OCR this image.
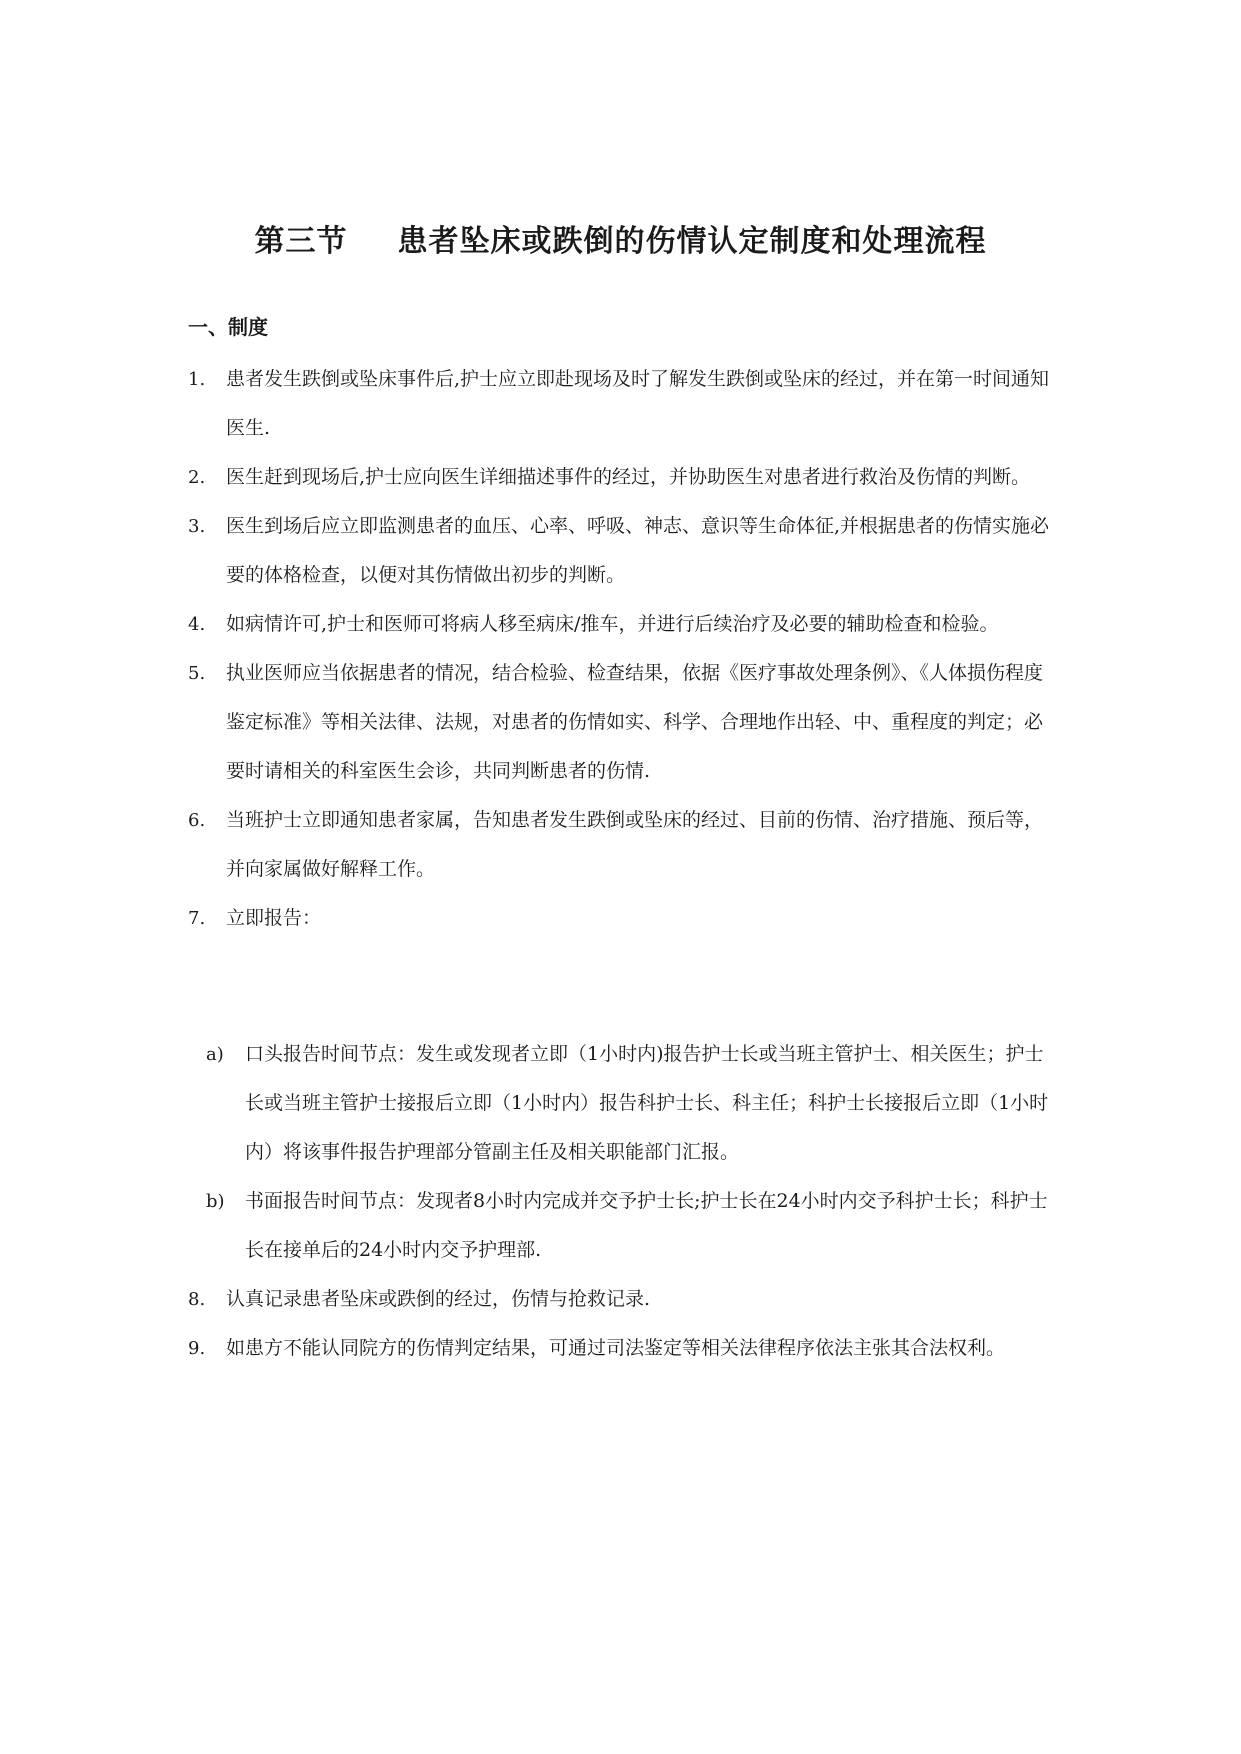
第三节 患者坠床或跌倒的伤情认定制度和处理流程
一、制度
1. 患者发生跌倒或坠床事件后,护士应立即赴现场及时了解发生跌倒或坠床的经过，并在第一时间通知医生.
2. 医生赶到现场后,护士应向医生详细描述事件的经过，并协助医生对患者进行救治及伤情的判断。
3. 医生到场后应立即监测患者的血压、心率、呼吸、神志、意识等生命体征,并根据患者的伤情实施必要的体格检查，以便对其伤情做出初步的判断。
4. 如病情许可,护士和医师可将病人移至病床/推车，并进行后续治疗及必要的辅助检查和检验。
5. 执业医师应当依据患者的情况，结合检验、检查结果，依据《医疗事故处理条例》、《人体损伤程度鉴定标准》等相关法律、法规，对患者的伤情如实、科学、合理地作出轻、中、重程度的判定；必要时请相关的科室医生会诊，共同判断患者的伤情.
6. 当班护士立即通知患者家属，告知患者发生跌倒或坠床的经过、目前的伤情、治疗措施、预后等，并向家属做好解释工作。
7. 立即报告：
a) 口头报告时间节点：发生或发现者立即（1小时内)报告护士长或当班主管护士、相关医生；护士长或当班主管护士接报后立即（1小时内）报告科护士长、科主任；科护士长接报后立即（1小时内）将该事件报告护理部分管副主任及相关职能部门汇报。
b) 书面报告时间节点：发现者8小时内完成并交予护士长;护士长在24小时内交予科护士长；科护士长在接单后的24小时内交予护理部.
8. 认真记录患者坠床或跌倒的经过，伤情与抢救记录.
9. 如患方不能认同院方的伤情判定结果，可通过司法鉴定等相关法律程序依法主张其合法权利。
